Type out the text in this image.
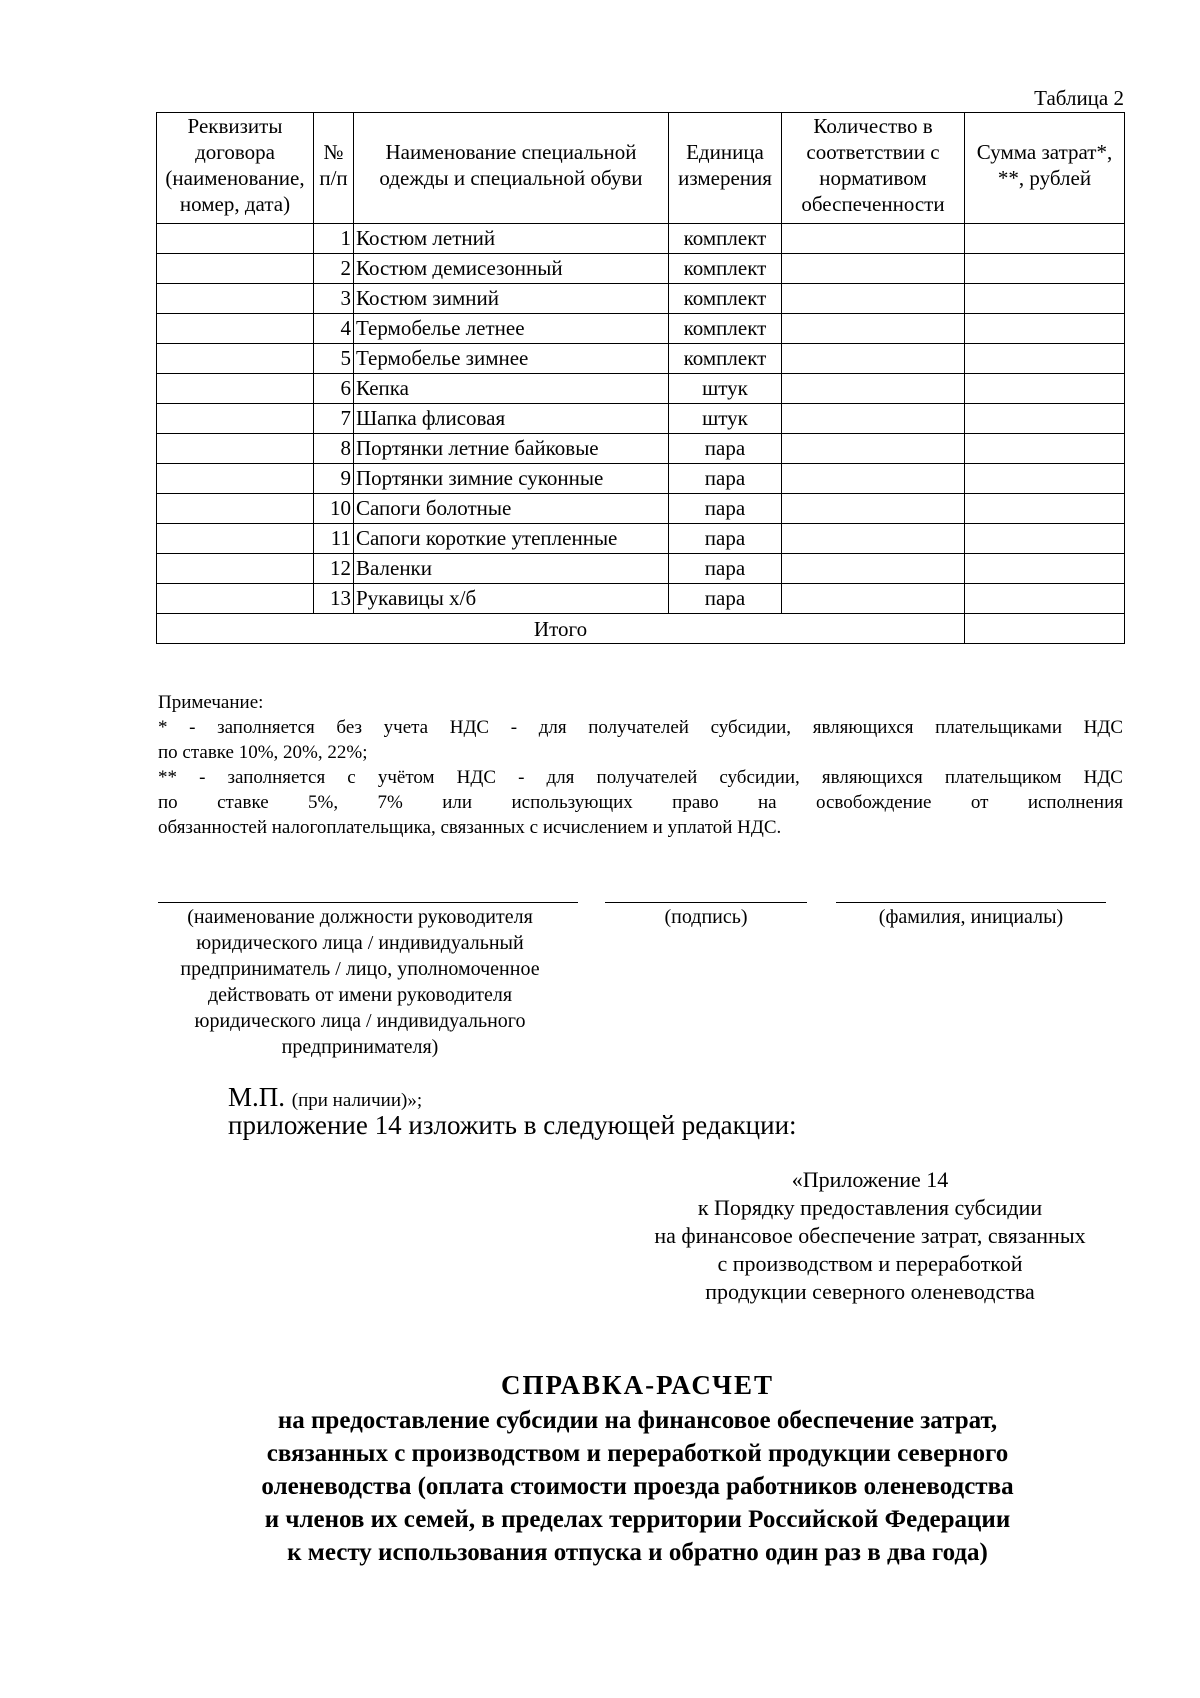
Таблица 2
Реквизиты договора (наименование, номер, дата)	№ п/п	Наименование специальной одежды и специальной обуви	Единица измерения	Количество в соответствии с нормативом обеспеченности	Сумма затрат*, **, рублей
	1	Костюм летний	комплект		
	2	Костюм демисезонный	комплект		
	3	Костюм зимний	комплект		
	4	Термобелье летнее	комплект		
	5	Термобелье зимнее	комплект		
	6	Кепка	штук		
	7	Шапка флисовая	штук		
	8	Портянки летние байковые	пара		
	9	Портянки зимние суконные	пара		
	10	Сапоги болотные	пара		
	11	Сапоги короткие утепленные	пара		
	12	Валенки	пара		
	13	Рукавицы х/б	пара		
Итого					

Примечание:

* - заполняется без учета НДС - для получателей субсидии, являющихся плательщиками НДС

по ставке 10%, 20%, 22%;

** - заполняется с учётом НДС - для получателей субсидии, являющихся плательщиком НДС

по ставке 5%, 7% или использующих право на освобождение от исполнения

обязанностей налогоплательщика, связанных с исчислением и уплатой НДС.

(наименование должности руководителя
юридического лица / индивидуальный
предприниматель / лицо, уполномоченное
действовать от имени руководителя
юридического лица / индивидуального
предпринимателя)
(подпись)	(фамилия, инициалы)
М.П. (при наличии)»;
приложение 14 изложить в следующей редакции:
«Приложение 14
к Порядку предоставления субсидии
на финансовое обеспечение затрат, связанных
с производством и переработкой
продукции северного оленеводства
СПРАВКА-РАСЧЕТ
на предоставление субсидии на финансовое обеспечение затрат,
связанных с производством и переработкой продукции северного
оленеводства (оплата стоимости проезда работников оленеводства
и членов их семей, в пределах территории Российской Федерации
к месту использования отпуска и обратно один раз в два года)
